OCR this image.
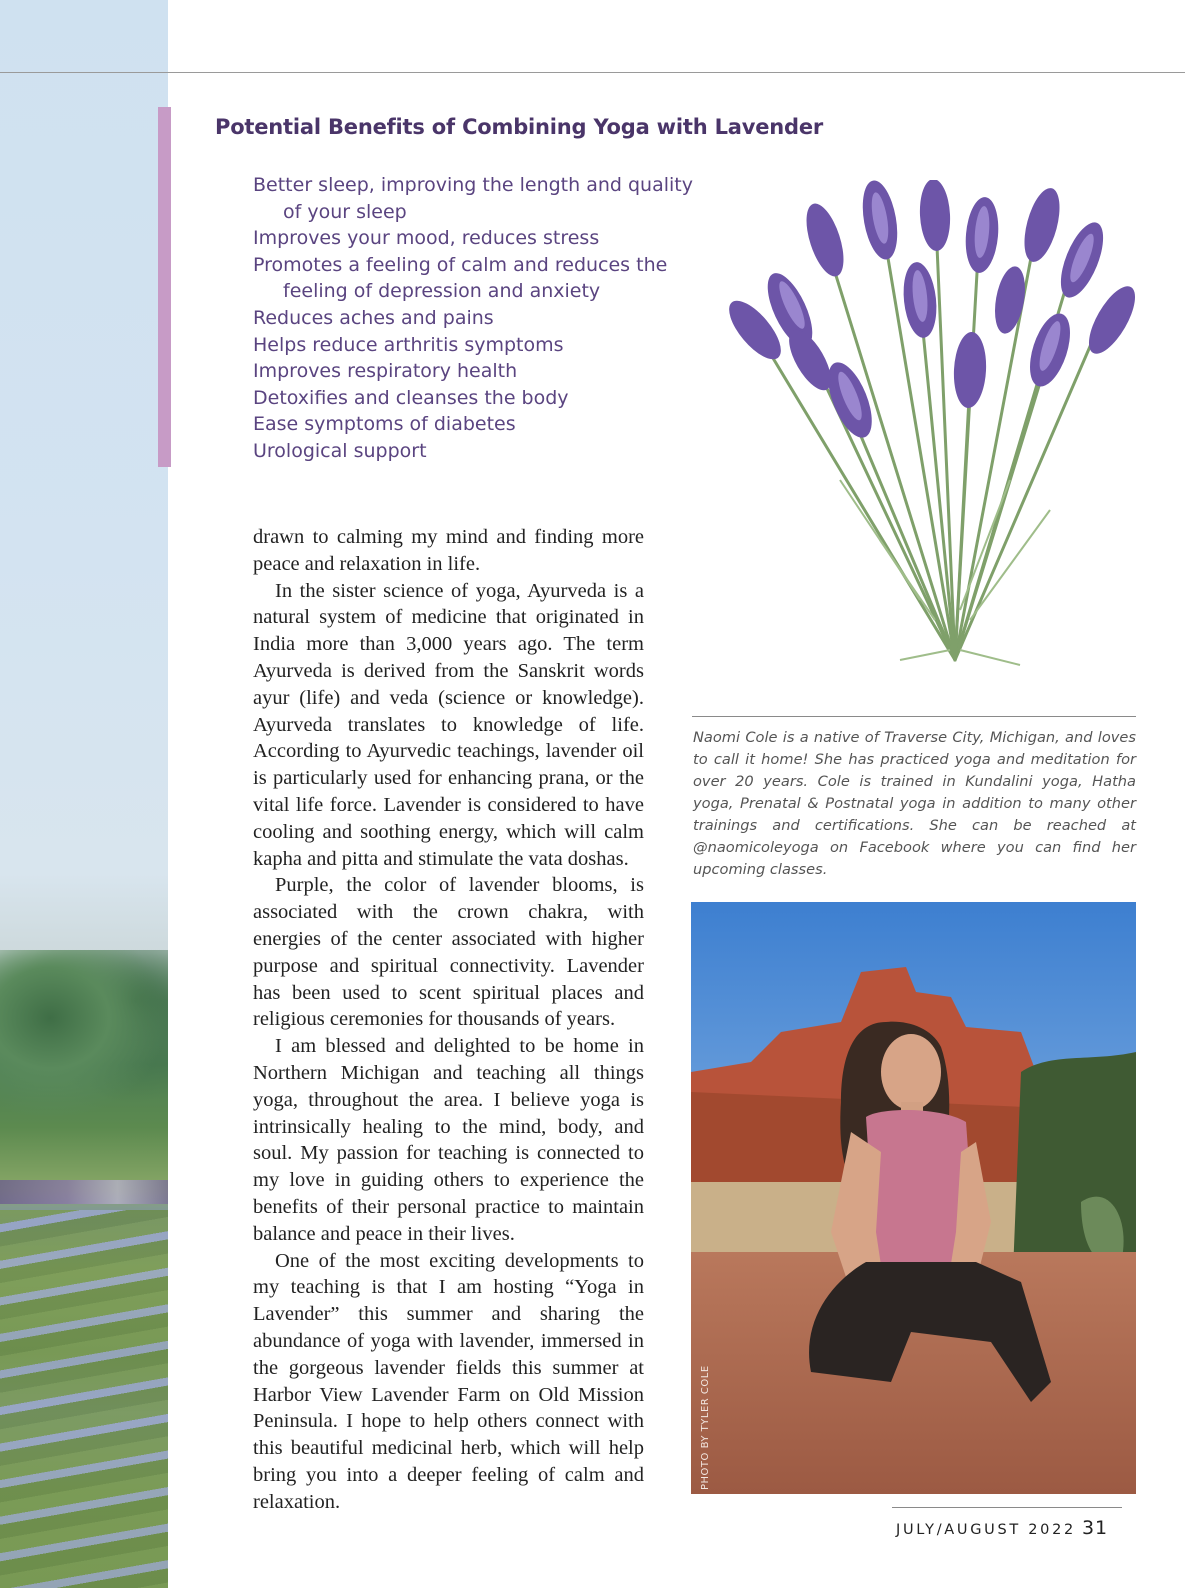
Potential Benefits of Combining Yoga with Lavender
Better sleep, improving the length and quality of your sleep
Improves your mood, reduces stress
Promotes a feeling of calm and reduces the feeling of depression and anxiety
Reduces aches and pains
Helps reduce arthritis symptoms
Improves respiratory health
Detoxifies and cleanses the body
Ease symptoms of diabetes
Urological support

drawn to calming my mind and finding more peace and relaxation in life.

In the sister science of yoga, Ayurveda is a natural system of medicine that originated in India more than 3,000 years ago. The term Ayurveda is derived from the Sanskrit words ayur (life) and veda (science or knowledge). Ayurveda translates to knowledge of life. According to Ayurvedic teachings, lavender oil is particularly used for enhancing prana, or the vital life force. Lavender is considered to have cooling and soothing energy, which will calm kapha and pitta and stimulate the vata doshas.

Purple, the color of lavender blooms, is associated with the crown chakra, with energies of the center associated with higher purpose and spiritual connectivity. Lavender has been used to scent spiritual places and religious ceremonies for thousands of years.

I am blessed and delighted to be home in Northern Michigan and teaching all things yoga, throughout the area. I believe yoga is intrinsically healing to the mind, body, and soul. My passion for teaching is connected to my love in guiding others to experience the benefits of their personal practice to maintain balance and peace in their lives.

One of the most exciting developments to my teaching is that I am hosting “Yoga in Lavender” this summer and sharing the abundance of yoga with lavender, immersed in the gorgeous lavender fields this summer at Harbor View Lavender Farm on Old Mission Peninsula. I hope to help others connect with this beautiful medicinal herb, which will help bring you into a deeper feeling of calm and relaxation.

Naomi Cole is a native of Traverse City, Michigan, and loves to call it home! She has practiced yoga and meditation for over 20 years. Cole is trained in Kundalini yoga, Hatha yoga, Prenatal & Postnatal yoga in addition to many other trainings and certifications. She can be reached at @naomicoleyoga on Facebook where you can find her upcoming classes.

PHOTO BY TYLER COLE
JULY/AUGUST 2022 31
